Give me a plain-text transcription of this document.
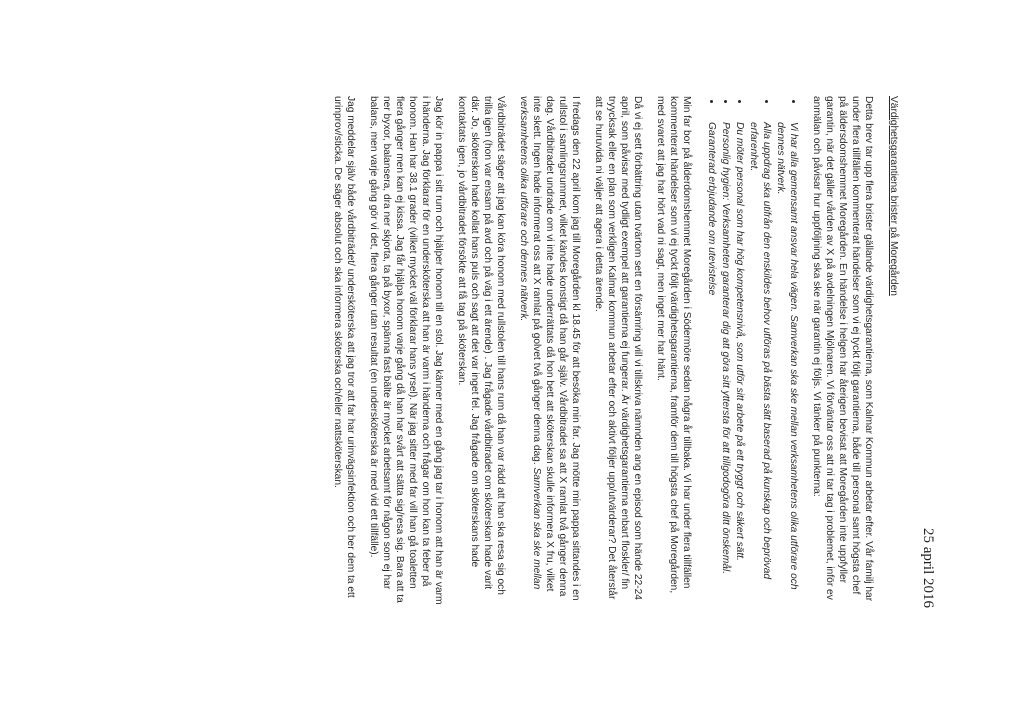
25 april 2016
Värdighetsgarantiena brister på Moregården

Detta brev tar upp flera brister gällande värdighetsgarantierna, som Kalmar Kommun arbetar efter. Vår familj har under flera tillfällen kommenterat händelser som vi ej tyckt följt garantierna, både till personal samt högsta chef på äldersdomshemmet Moregården. En händelse i helgen har återigen bevisat att Moregården inte uppfyller garantin, när det gäller vården av X på avdelningen Mjölnaren. Vi förväntar oss att ni tar tag i problemet, inför ev anmälan och påvisar hur uppföljning ska ske när garantin ej följs. Vi tänker på punkterna:

• Vi har alla gemensamt ansvar hela vägen. Samverkan ska ske mellan verksamhetens olika utförare och dennes nätverk.
• Alla uppdrag ska utifrån den enskildes behov utföras på bästa sätt baserad på kunskap och beprövad erfarenhet.
• Du möter personal som har hög kompetensnivå, som utför sitt arbete på ett tryggt och säkert sätt.
• Personlig hygien: Verksamheten garanterar dig att göra sitt yttersta för att tillgodogöra ditt önskemål.
• Garanterad erbjudande om utevistelse

Min far bor på ålderdomshemmet Moregården i Södermöre sedan några år tillbaka. Vi har under flera tillfällen kommenterat händelser som vi ej tyckt följt värdighetsgarantierna, framför dem till högsta chef på Moregården, med svaret att jag har hört vad ni sagt, men inget mer har hänt.

Då vi ej sett förbättring utan tvärtom sett en försämring vill vi tillskriva nämnden ang en episod som hände 22-24 april, som påvisar med tydligt exempel att garantierna ej fungerar. Är värdighetsgarantierna enbart floskler/ fin tryycksak eller en plan som verkligen Kalmar kommun arbetar efter och aktivt följer upp/utvärderar? Det återstår att se huruvida ni väljer att agera i detta ärende.

I fredags den 22 april kom jag till Moregården kl 18.45 för att besöka min far. Jag mötte min pappa sittandes i en rullstol i samlingsrummet, vilket kändes konstigt då han går själv. Vårdbitradet sa att X ramlat två gånger denna dag. Vårdbitradet undrade om vi inte hade underrättats då hon bett att sköterskan skulle informera X fru, vilket inte skett. Ingen hade informerat oss att X ramlat på golvet två gånger denna dag. Samverkan ska ske mellan verksamhetens olika utförare och dennes nätverk.

Vårdbiträdet säger att jag kan köra honom med rullstolen till hans rum då han var rädd att han ska resa sig och trilla igen (hon var ensam på avd och på väg i ett ärende) . Jag frågade vårdbitradet om sköterskan hade varit där. Jo, sköterskan hade kollat hans puls och sagt att det var inget fel. Jag frågade om sköterskans hade kontaktats igen, jo vårdbitradet försökte att få tag på sköterskan.

Jag kör in pappa i sitt rum och hjälper honom till en stol. Jag känner med en gång jag tar i honom att han är varm i händerna. Jag förklarar för en undersköterska att han är varm i händerna och frågar om hon kan ta feber på honom. Han har 38.1 grader (vilket mycket väl förklarar hans yrsel). När jag sitter med far vill han gå toaletten flera gånger men kan ej kissa. Jag får hjälpa honom varje gång då han har svårt att sätta sig/resa sig. Bara att ta ner byxor, balansera, dra ner skjorta, ta på byxor, spänna fast bälte är mycket arbetsamt för någon som ej har balans, men varje gång gör vi det, flera gånger utan resultat (en undersköterska är med vid ett tillfälle).

Jag meddelar själv både vårdbiträdet/ undersköterska att jag tror att far har urinvägsinfektion och ber dem ta ett urinprov/sticka. De säger absolut och ska informera sköterska och/eller nattsköterskan.
